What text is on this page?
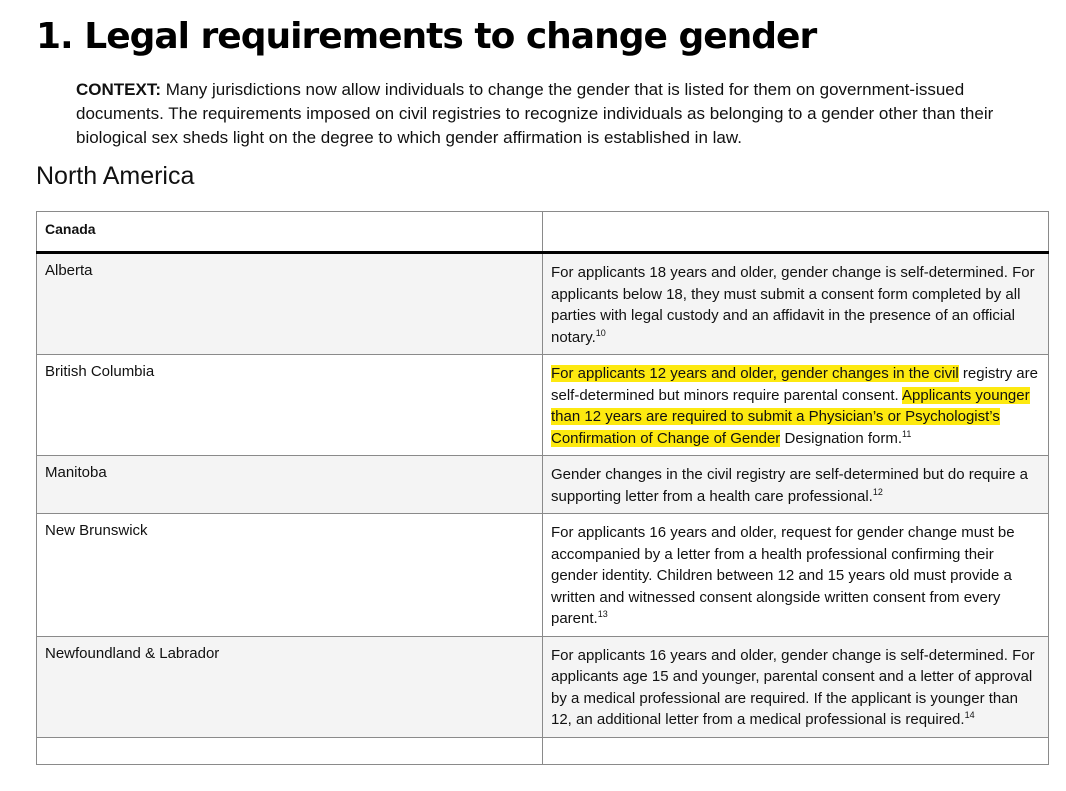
1. Legal requirements to change gender

CONTEXT: Many jurisdictions now allow individuals to change the gender that is listed for them on government-issued documents. The requirements imposed on civil registries to recognize individuals as belonging to a gender other than their biological sex sheds light on the degree to which gender affirmation is established in law.

North America
Canada	
Alberta	For applicants 18 years and older, gender change is self-determined. For applicants below 18, they must submit a consent form completed by all parties with legal custody and an affidavit in the presence of an official notary.$^{10}$
British Columbia	For applicants 12 years and older, gender changes in the civil registry are self-determined but minors require parental consent. Applicants younger than 12 years are required to submit a Physician’s or Psychologist’s Confirmation of Change of Gender Designation form.$^{11}$
Manitoba	Gender changes in the civil registry are self-determined but do require a supporting letter from a health care professional.$^{12}$
New Brunswick	For applicants 16 years and older, request for gender change must be accompanied by a letter from a health professional confirming their gender identity. Children between 12 and 15 years old must provide a written and witnessed consent alongside written consent from every parent.$^{13}$
Newfoundland & Labrador	For applicants 16 years and older, gender change is self-determined. For applicants age 15 and younger, parental consent and a letter of approval by a medical professional are required. If the applicant is younger than 12, an additional letter from a medical professional is required.$^{14}$
